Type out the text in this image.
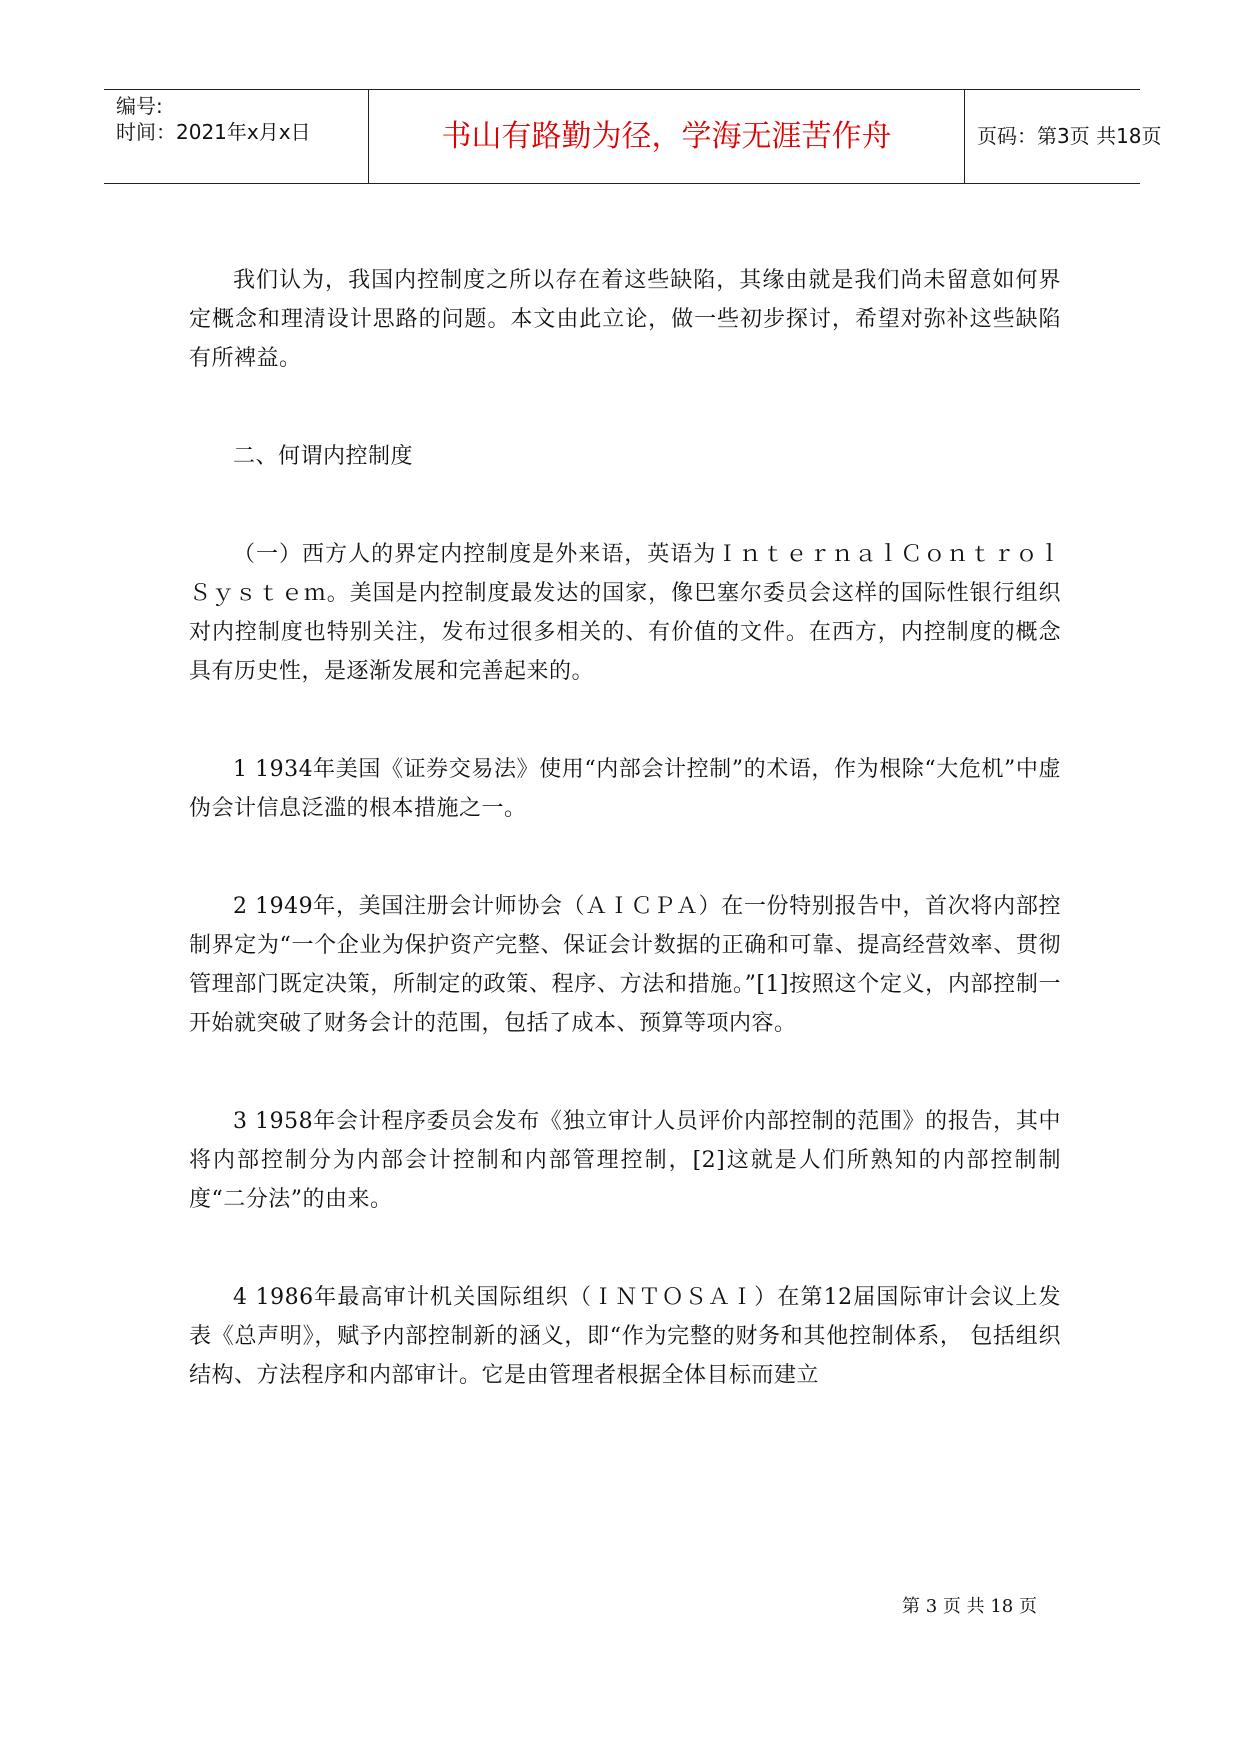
编号:
时间：2021年x月x日	书山有路勤为径，学海无涯苦作舟	页码：第3页 共18页

我们认为，我国内控制度之所以存在着这些缺陷，其缘由就是我们尚未留意如何界定概念和理清设计思路的问题。本文由此立论，做一些初步探讨，希望对弥补这些缺陷有所裨益。

二、何谓内控制度

（一）西方人的界定内控制度是外来语，英语为ＩｎｔｅｒｎａｌＣｏｎｔｒｏｌＳｙｓｔｅｍ。美国是内控制度最发达的国家，像巴塞尔委员会这样的国际性银行组织对内控制度也特别关注，发布过很多相关的、有价值的文件。在西方，内控制度的概念具有历史性，是逐渐发展和完善起来的。

1 1934年美国《证券交易法》使用“内部会计控制”的术语，作为根除“大危机”中虚伪会计信息泛滥的根本措施之一。

2 1949年，美国注册会计师协会（ＡＩＣＰＡ）在一份特别报告中，首次将内部控制界定为“一个企业为保护资产完整、保证会计数据的正确和可靠、提高经营效率、贯彻管理部门既定决策，所制定的政策、程序、方法和措施。”[1]按照这个定义，内部控制一开始就突破了财务会计的范围，包括了成本、预算等项内容。

3 1958年会计程序委员会发布《独立审计人员评价内部控制的范围》的报告，其中将内部控制分为内部会计控制和内部管理控制，[2]这就是人们所熟知的内部控制制度“二分法”的由来。

4 1986年最高审计机关国际组织（ＩＮＴＯＳＡＩ）在第12届国际审计会议上发表《总声明》，赋予内部控制新的涵义，即“作为完整的财务和其他控制体系， 包括组织结构、方法程序和内部审计。它是由管理者根据全体目标而建立

第 3 页 共 18 页
